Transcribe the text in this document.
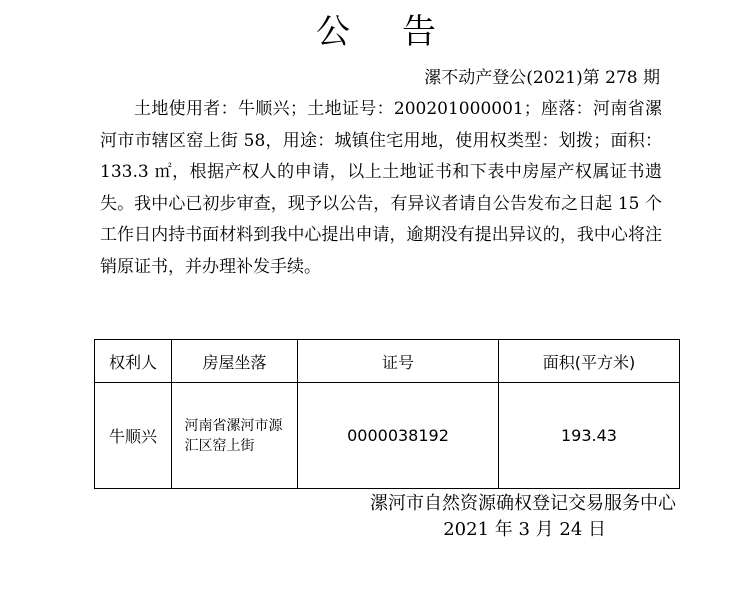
公告
漯不动产登公(2021)第 278 期

土地使用者：牛顺兴；土地证号：200201000001；座落：河南省漯河市市辖区窑上街 58，用途：城镇住宅用地，使用权类型：划拨；面积：133.3 ㎡，根据产权人的申请，以上土地证书和下表中房屋产权属证书遗失。我中心已初步审查，现予以公告，有异议者请自公告发布之日起 15 个工作日内持书面材料到我中心提出申请，逾期没有提出异议的，我中心将注销原证书，并办理补发手续。

权利人	房屋坐落	证号	面积(平方米)
牛顺兴	河南省漯河市源汇区窑上街	0000038192	193.43
漯河市自然资源确权登记交易服务中心
2021 年 3 月 24 日
